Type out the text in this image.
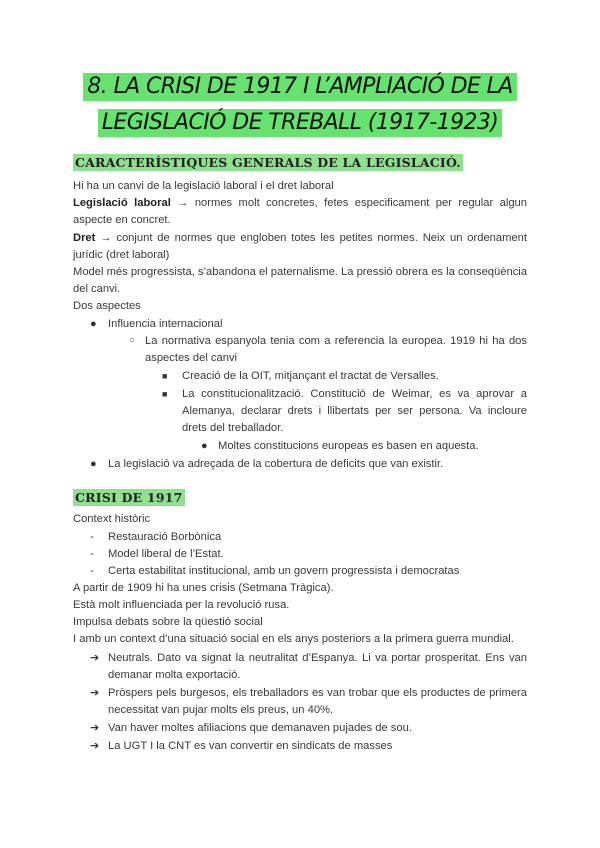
8. LA CRISI DE 1917 I L’AMPLIACIÓ DE LA
LEGISLACIÓ DE TREBALL (1917-1923)
CARACTERÍSTIQUES GENERALS DE LA LEGISLACIÓ.
Hi ha un canvi de la legislació laboral i el dret laboral
Legislació laboral → normes molt concretes, fetes especificament per regular algun
aspecte en concret.
Dret → conjunt de normes que engloben totes les petites normes. Neix un ordenament
jurídic (dret laboral)
Model més progressista, s’abandona el paternalisme. La pressió obrera es la conseqüència
del canvi.
Dos aspectes
● Influencia internacional
○ La normativa espanyola tenia com a referencia la europea. 1919 hi ha dos
aspectes del canvi
■ Creació de la OIT, mitjançant el tractat de Versalles.
■ La constitucionalització. Constitució de Weimar, es va aprovar a
Alemanya, declarar drets i llibertats per ser persona. Va incloure
drets del treballador.
● Moltes constitucions europeas es basen en aquesta.
● La legislació va adreçada de la cobertura de deficits que van existir.
CRISI DE 1917
Context històric
- Restauració Borbònica
- Model liberal de l’Estat.
- Certa estabilitat institucional, amb un govern progressista i democratas
A partir de 1909 hi ha unes crisis (Setmana Tràgica).
Està molt influenciada per la revolució rusa.
Impulsa debats sobre la qüestió social
I amb un context d’una situació social en els anys posteriors a la primera guerra mundial.
➔ Neutrals. Dato va signat la neutralitat d’Espanya. Li va portar prosperitat. Ens van
demanar molta exportació.
➔ Pròspers pels burgesos, els treballadors es van trobar que els productes de primera
necessitat van pujar molts els preus, un 40%.
➔ Van haver moltes afiliacions que demanaven pujades de sou.
➔ La UGT I la CNT es van convertir en sindicats de masses
